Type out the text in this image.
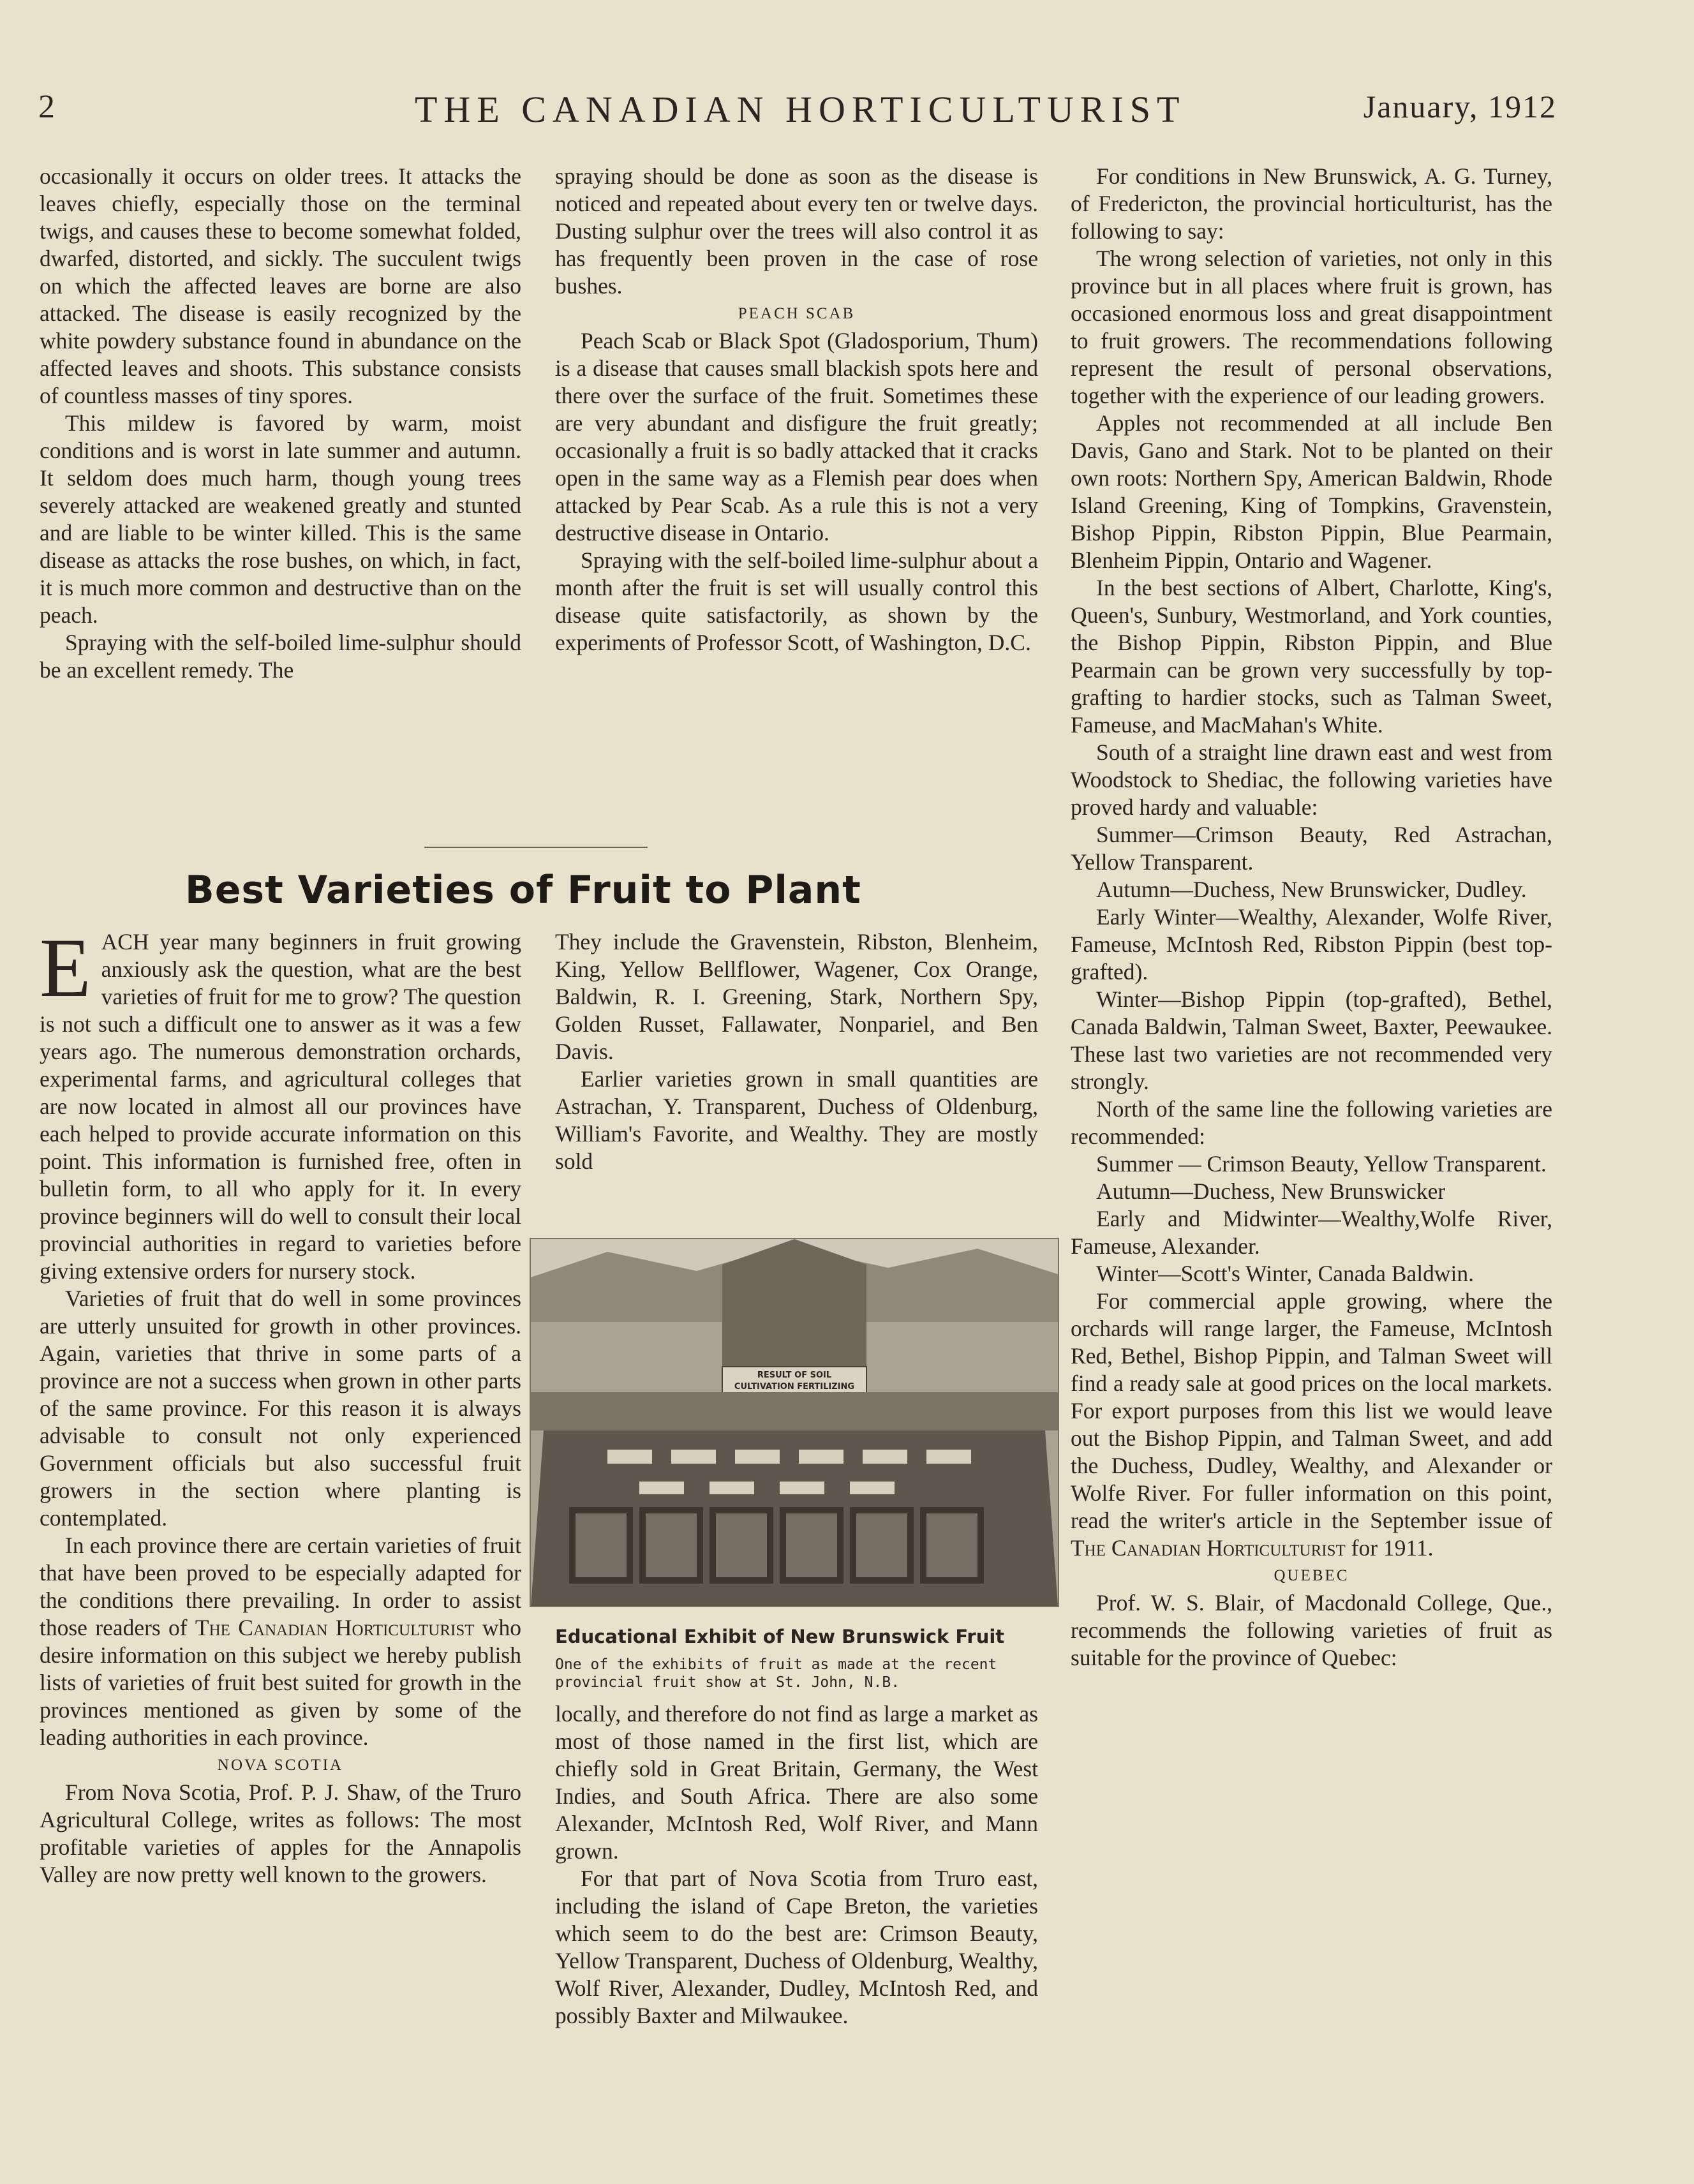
2	THE CANADIAN HORTICULTURIST	January, 1912

occasionally it occurs on older trees. It attacks the leaves chiefly, especially those on the terminal twigs, and causes these to become somewhat folded, dwarfed, distorted, and sickly. The succulent twigs on which the affected leaves are borne are also attacked. The disease is easily recognized by the white powdery substance found in abundance on the affected leaves and shoots. This substance consists of countless masses of tiny spores.

This mildew is favored by warm, moist conditions and is worst in late summer and autumn. It seldom does much harm, though young trees severely attacked are weakened greatly and stunted and are liable to be winter killed. This is the same disease as attacks the rose bushes, on which, in fact, it is much more common and destructive than on the peach.

Spraying with the self-boiled lime-sulphur should be an excellent remedy. The

spraying should be done as soon as the disease is noticed and repeated about every ten or twelve days. Dusting sulphur over the trees will also control it as has frequently been proven in the case of rose bushes.

PEACH SCAB

Peach Scab or Black Spot (Gladosporium, Thum) is a disease that causes small blackish spots here and there over the surface of the fruit. Sometimes these are very abundant and disfigure the fruit greatly; occasionally a fruit is so badly attacked that it cracks open in the same way as a Flemish pear does when attacked by Pear Scab. As a rule this is not a very destructive disease in Ontario.

Spraying with the self-boiled lime-sulphur about a month after the fruit is set will usually control this disease quite satisfactorily, as shown by the experiments of Professor Scott, of Washington, D.C.

Best Varieties of Fruit to Plant

EACH year many beginners in fruit growing anxiously ask the question, what are the best varieties of fruit for me to grow? The question is not such a difficult one to answer as it was a few years ago. The numerous demonstration orchards, experimental farms, and agricultural colleges that are now located in almost all our provinces have each helped to provide accurate information on this point. This information is furnished free, often in bulletin form, to all who apply for it. In every province beginners will do well to consult their local provincial authorities in regard to varieties before giving extensive orders for nursery stock.

Varieties of fruit that do well in some provinces are utterly unsuited for growth in other provinces. Again, varieties that thrive in some parts of a province are not a success when grown in other parts of the same province. For this reason it is always advisable to consult not only experienced Government officials but also successful fruit growers in the section where planting is contemplated.

In each province there are certain varieties of fruit that have been proved to be especially adapted for the conditions there prevailing. In order to assist those readers of The Canadian Horticulturist who desire information on this subject we hereby publish lists of varieties of fruit best suited for growth in the provinces mentioned as given by some of the leading authorities in each province.

NOVA SCOTIA

From Nova Scotia, Prof. P. J. Shaw, of the Truro Agricultural College, writes as follows: The most profitable varieties of apples for the Annapolis Valley are now pretty well known to the growers.

They include the Gravenstein, Ribston, Blenheim, King, Yellow Bellflower, Wagener, Cox Orange, Baldwin, R. I. Greening, Stark, Northern Spy, Golden Russet, Fallawater, Nonpariel, and Ben Davis.

Earlier varieties grown in small quantities are Astrachan, Y. Transparent, Duchess of Oldenburg, William's Favorite, and Wealthy. They are mostly sold

RESULT OF SOIL CULTIVATION FERTILIZING
Educational Exhibit of New Brunswick Fruit
One of the exhibits of fruit as made at the recent provincial fruit show at St. John, N.B.

locally, and therefore do not find as large a market as most of those named in the first list, which are chiefly sold in Great Britain, Germany, the West Indies, and South Africa. There are also some Alexander, McIntosh Red, Wolf River, and Mann grown.

For that part of Nova Scotia from Truro east, including the island of Cape Breton, the varieties which seem to do the best are: Crimson Beauty, Yellow Transparent, Duchess of Oldenburg, Wealthy, Wolf River, Alexander, Dudley, McIntosh Red, and possibly Baxter and Milwaukee.

For conditions in New Brunswick, A. G. Turney, of Fredericton, the provincial horticulturist, has the following to say:

The wrong selection of varieties, not only in this province but in all places where fruit is grown, has occasioned enormous loss and great disappointment to fruit growers. The recommendations following represent the result of personal observations, together with the experience of our leading growers.

Apples not recommended at all include Ben Davis, Gano and Stark. Not to be planted on their own roots: Northern Spy, American Baldwin, Rhode Island Greening, King of Tompkins, Gravenstein, Bishop Pippin, Ribston Pippin, Blue Pearmain, Blenheim Pippin, Ontario and Wagener.

In the best sections of Albert, Charlotte, King's, Queen's, Sunbury, Westmorland, and York counties, the Bishop Pippin, Ribston Pippin, and Blue Pearmain can be grown very successfully by top-grafting to hardier stocks, such as Talman Sweet, Fameuse, and MacMahan's White.

South of a straight line drawn east and west from Woodstock to Shediac, the following varieties have proved hardy and valuable:

Summer—Crimson Beauty, Red Astrachan, Yellow Transparent.

Autumn—Duchess, New Brunswicker, Dudley.

Early Winter—Wealthy, Alexander, Wolfe River, Fameuse, McIntosh Red, Ribston Pippin (best top-grafted).

Winter—Bishop Pippin (top-grafted), Bethel, Canada Baldwin, Talman Sweet, Baxter, Peewaukee. These last two varieties are not recommended very strongly.

North of the same line the following varieties are recommended:

Summer — Crimson Beauty, Yellow Transparent.

Autumn—Duchess, New Brunswicker

Early and Midwinter—Wealthy,Wolfe River, Fameuse, Alexander.

Winter—Scott's Winter, Canada Baldwin.

For commercial apple growing, where the orchards will range larger, the Fameuse, McIntosh Red, Bethel, Bishop Pippin, and Talman Sweet will find a ready sale at good prices on the local markets. For export purposes from this list we would leave out the Bishop Pippin, and Talman Sweet, and add the Duchess, Dudley, Wealthy, and Alexander or Wolfe River. For fuller information on this point, read the writer's article in the September issue of The Canadian Horticulturist for 1911.

QUEBEC

Prof. W. S. Blair, of Macdonald College, Que., recommends the following varieties of fruit as suitable for the province of Quebec:
